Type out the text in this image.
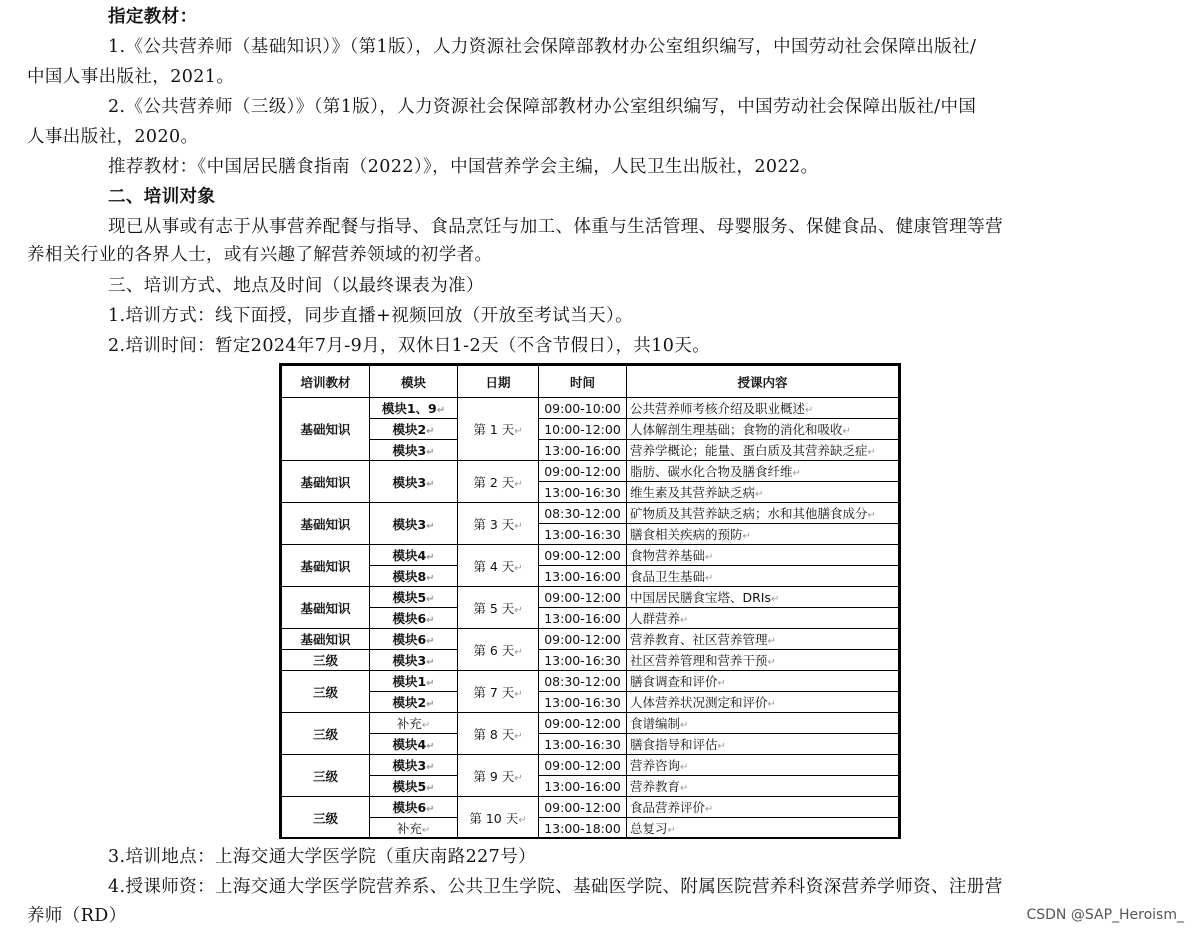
指定教材：
1.《公共营养师（基础知识）》（第1版），人力资源社会保障部教材办公室组织编写，中国劳动社会保障出版社/
中国人事出版社，2021。
2.《公共营养师（三级）》（第1版），人力资源社会保障部教材办公室组织编写，中国劳动社会保障出版社/中国
人事出版社，2020。
推荐教材：《中国居民膳食指南（2022）》，中国营养学会主编，人民卫生出版社，2022。
二、培训对象
现已从事或有志于从事营养配餐与指导、食品烹饪与加工、体重与生活管理、母婴服务、保健食品、健康管理等营
养相关行业的各界人士，或有兴趣了解营养领域的初学者。
三、培训方式、地点及时间（以最终课表为准）
1.培训方式：线下面授，同步直播+视频回放（开放至考试当天）。
2.培训时间：暂定2024年7月-9月，双休日1-2天（不含节假日），共10天。
培训教材	模块	日期	时间	授课内容
基础知识	模块1、9↵	第 1 天↵	09:00-10:00	公共营养师考核介绍及职业概述↵
	模块2↵		10:00-12:00	人体解剖生理基础；食物的消化和吸收↵
	模块3↵		13:00-16:00	营养学概论；能量、蛋白质及其营养缺乏症↵
基础知识	模块3↵	第 2 天↵	09:00-12:00	脂肪、碳水化合物及膳食纤维↵
			13:00-16:30	维生素及其营养缺乏病↵
基础知识	模块3↵	第 3 天↵	08:30-12:00	矿物质及其营养缺乏病；水和其他膳食成分↵
			13:00-16:30	膳食相关疾病的预防↵
基础知识	模块4↵	第 4 天↵	09:00-12:00	食物营养基础↵
	模块8↵		13:00-16:00	食品卫生基础↵
基础知识	模块5↵	第 5 天↵	09:00-12:00	中国居民膳食宝塔、DRIs↵
	模块6↵		13:00-16:00	人群营养↵
基础知识	模块6↵	第 6 天↵	09:00-12:00	营养教育、社区营养管理↵
三级	模块3↵		13:00-16:30	社区营养管理和营养干预↵
三级	模块1↵	第 7 天↵	08:30-12:00	膳食调查和评价↵
	模块2↵		13:00-16:30	人体营养状况测定和评价↵
三级	补充↵	第 8 天↵	09:00-12:00	食谱编制↵
	模块4↵		13:00-16:30	膳食指导和评估↵
三级	模块3↵	第 9 天↵	09:00-12:00	营养咨询↵
	模块5↵		13:00-16:00	营养教育↵
三级	模块6↵	第 10 天↵	09:00-12:00	食品营养评价↵
	补充↵		13:00-18:00	总复习↵
3.培训地点：上海交通大学医学院（重庆南路227号）
4.授课师资：上海交通大学医学院营养系、公共卫生学院、基础医学院、附属医院营养科资深营养学师资、注册营
养师（RD）	CSDN @SAP_Heroism_
